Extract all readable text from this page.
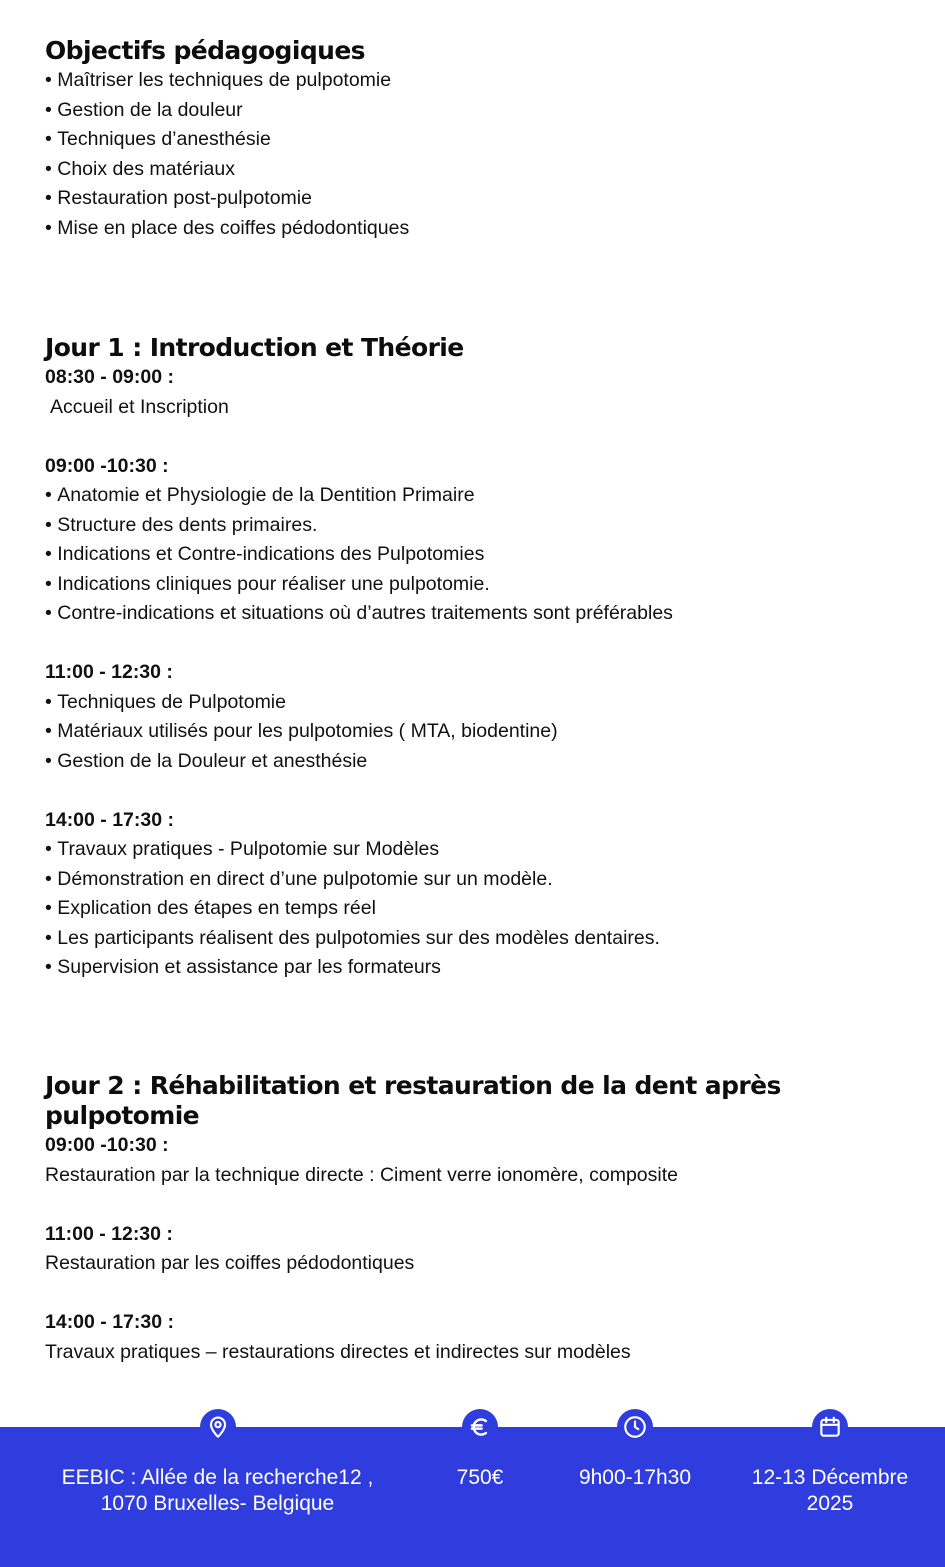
Objectifs pédagogiques
• Maîtriser les techniques de pulpotomie
• Gestion de la douleur
• Techniques d’anesthésie
• Choix des matériaux
• Restauration post-pulpotomie
• Mise en place des coiffes pédodontiques
Jour 1 : Introduction et Théorie

08:30 - 09:00 :

Accueil et Inscription

09:00 -10:30 :

• Anatomie et Physiologie de la Dentition Primaire
• Structure des dents primaires.
• Indications et Contre-indications des Pulpotomies
• Indications cliniques pour réaliser une pulpotomie.
• Contre-indications et situations où d’autres traitements sont préférables

11:00 - 12:30 :

• Techniques de Pulpotomie
• Matériaux utilisés pour les pulpotomies ( MTA, biodentine)
• Gestion de la Douleur et anesthésie

14:00 - 17:30 :

• Travaux pratiques - Pulpotomie sur Modèles
• Démonstration en direct d’une pulpotomie sur un modèle.
• Explication des étapes en temps réel
• Les participants réalisent des pulpotomies sur des modèles dentaires.
• Supervision et assistance par les formateurs
Jour 2 : Réhabilitation et restauration de la dent après pulpotomie

09:00 -10:30 :

Restauration par la technique directe : Ciment verre ionomère, composite

11:00 - 12:30 :

Restauration par les coiffes pédodontiques

14:00 - 17:30 :

Travaux pratiques – restaurations directes et indirectes sur modèles

EEBIC : Allée de la recherche12 ,
1070 Bruxelles- Belgique
750€	9h00-17h30	12-13 Décembre
2025
